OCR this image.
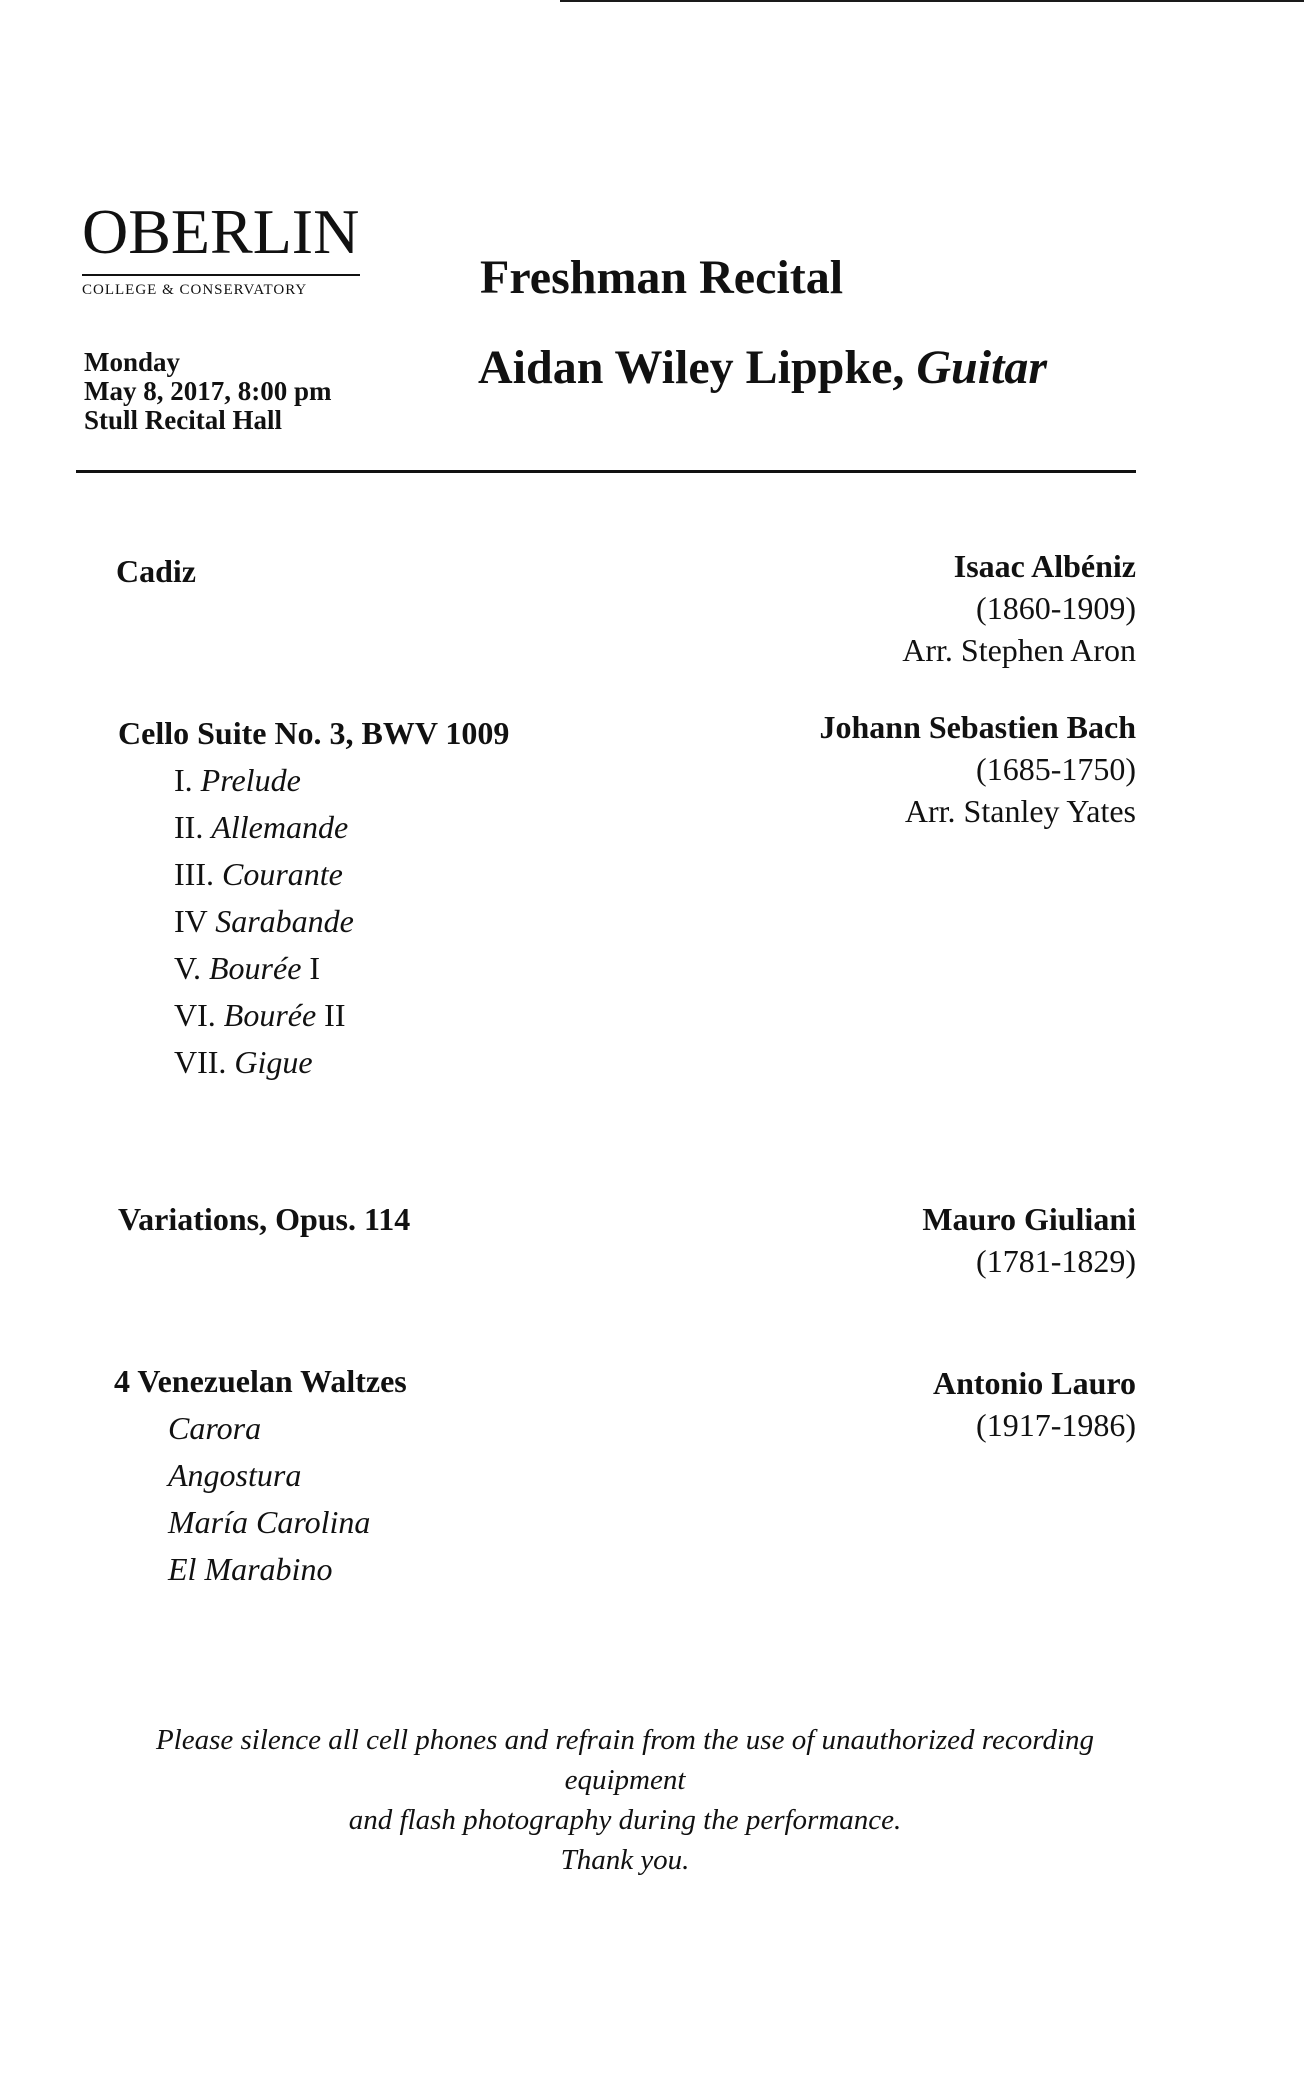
OBERLIN
COLLEGE & CONSERVATORY
Monday
May 8, 2017, 8:00 pm
Stull Recital Hall
Freshman Recital
Aidan Wiley Lippke, Guitar
Cadiz	Isaac Albéniz
(1860-1909)
Arr. Stephen Aron
Cello Suite No. 3, BWV 1009
I. Prelude
II. Allemande
III. Courante
IV Sarabande
V. Bourée I
VI. Bourée II
VII. Gigue
Johann Sebastien Bach
(1685-1750)
Arr. Stanley Yates
Variations, Opus. 114	Mauro Giuliani
(1781-1829)
4 Venezuelan Waltzes
Carora
Angostura
María Carolina
El Marabino
Antonio Lauro
(1917-1986)
Please silence all cell phones and refrain from the use of unauthorized recording
equipment
and flash photography during the performance.
Thank you.
